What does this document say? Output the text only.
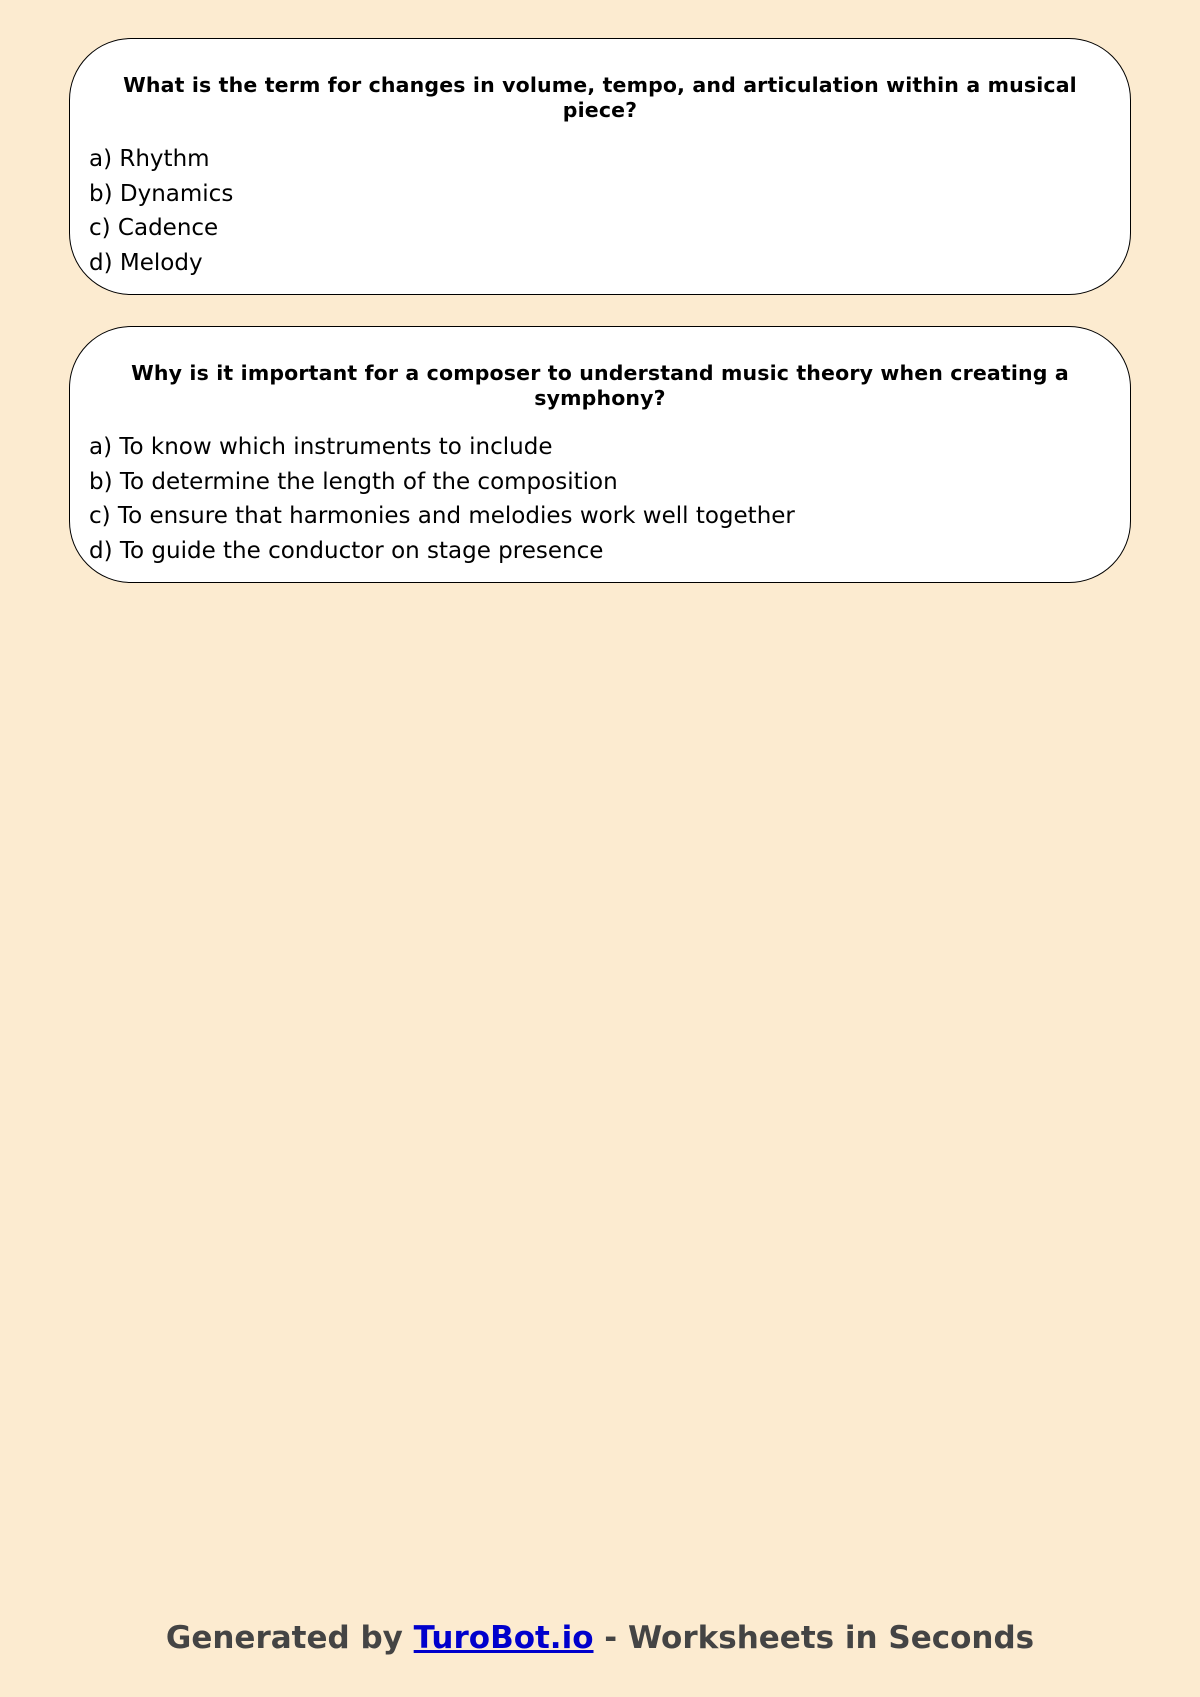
What is the term for changes in volume, tempo, and articulation within a musical piece?
a) Rhythm
b) Dynamics
c) Cadence
d) Melody
Why is it important for a composer to understand music theory when creating a symphony?
a) To know which instruments to include
b) To determine the length of the composition
c) To ensure that harmonies and melodies work well together
d) To guide the conductor on stage presence
Generated by TuroBot.io - Worksheets in Seconds
